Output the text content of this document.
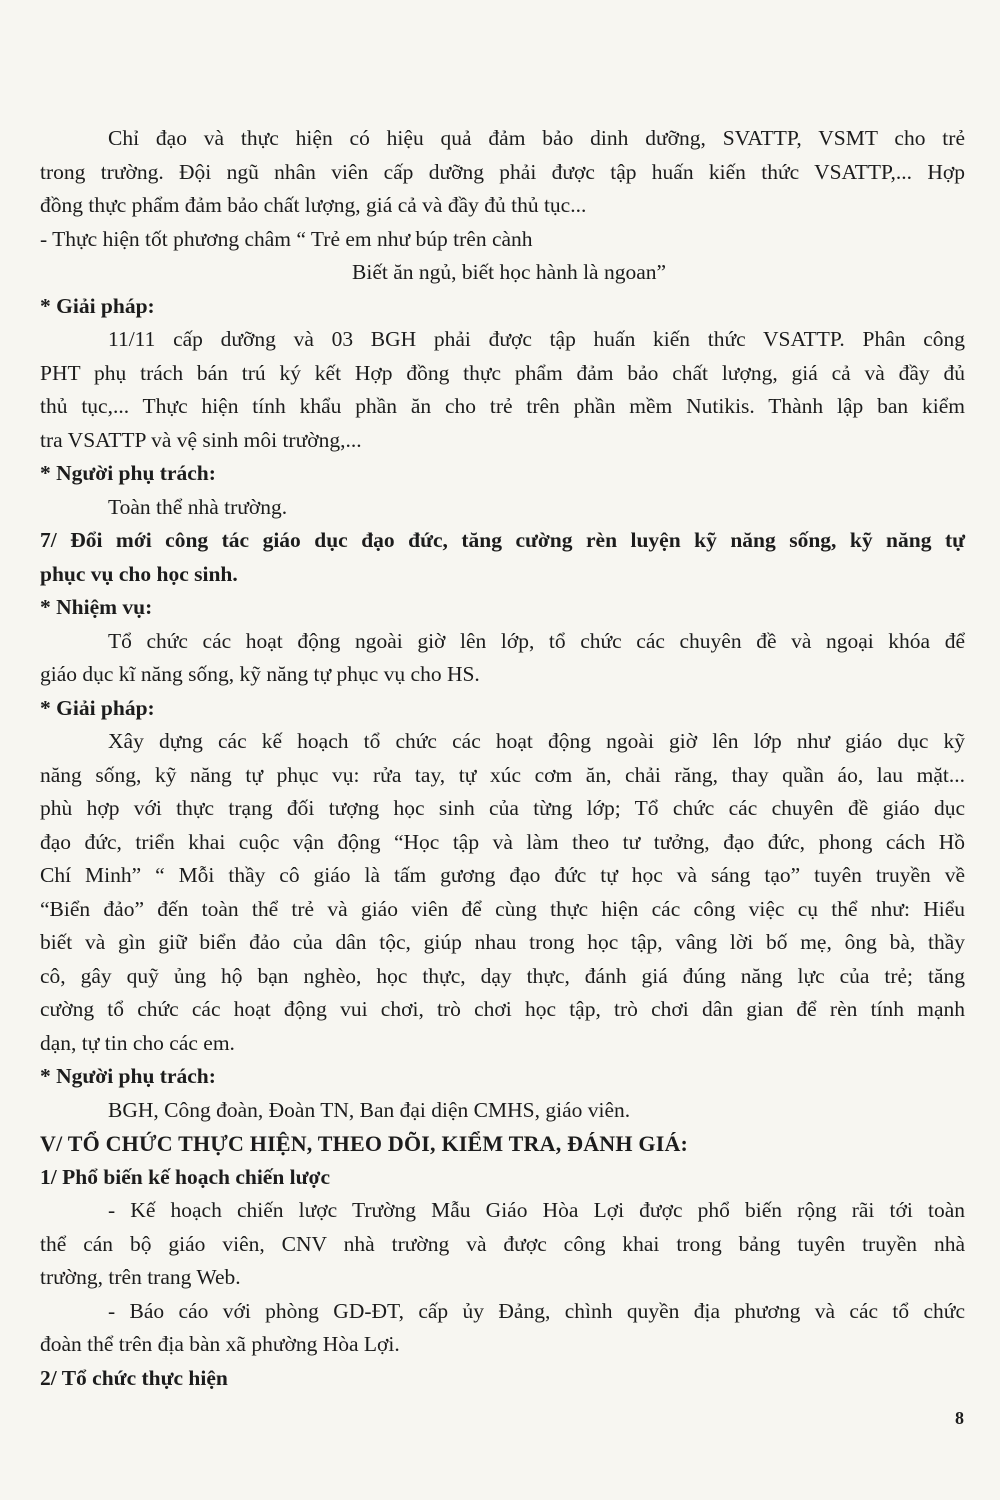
Chỉ đạo và thực hiện có hiệu quả đảm bảo dinh dưỡng, SVATTP, VSMT cho trẻ

trong trường. Đội ngũ nhân viên cấp dưỡng phải được tập huấn kiến thức VSATTP,... Hợp

đồng thực phẩm đảm bảo chất lượng, giá cả và đầy đủ thủ tục...

- Thực hiện tốt phương châm “ Trẻ em như búp trên cành

Biết ăn ngủ, biết học hành là ngoan”

* Giải pháp:

11/11 cấp dưỡng và 03 BGH phải được tập huấn kiến thức VSATTP. Phân công

PHT phụ trách bán trú ký kết Hợp đồng thực phẩm đảm bảo chất lượng, giá cả và đầy đủ

thủ tục,... Thực hiện tính khẩu phần ăn cho trẻ trên phần mềm Nutikis. Thành lập ban kiểm

tra VSATTP và vệ sinh môi trường,...

* Người phụ trách:

Toàn thể nhà trường.

7/ Đổi mới công tác giáo dục đạo đức, tăng cường rèn luyện kỹ năng sống, kỹ năng tự

phục vụ cho học sinh.

* Nhiệm vụ:

Tổ chức các hoạt động ngoài giờ lên lớp, tổ chức các chuyên đề và ngoại khóa để

giáo dục kĩ năng sống, kỹ năng tự phục vụ cho HS.

* Giải pháp:

Xây dựng các kế hoạch tổ chức các hoạt động ngoài giờ lên lớp như giáo dục kỹ

năng sống, kỹ năng tự phục vụ: rửa tay, tự xúc cơm ăn, chải răng, thay quần áo, lau mặt...

phù hợp với thực trạng đối tượng học sinh của từng lớp; Tổ chức các chuyên đề giáo dục

đạo đức, triển khai cuộc vận động “Học tập và làm theo tư tưởng, đạo đức, phong cách Hồ

Chí Minh” “ Mỗi thầy cô giáo là tấm gương đạo đức tự học và sáng tạo” tuyên truyền về

“Biển đảo” đến toàn thể trẻ và giáo viên để cùng thực hiện các công việc cụ thể như: Hiểu

biết và gìn giữ biển đảo của dân tộc, giúp nhau trong học tập, vâng lời bố mẹ, ông bà, thầy

cô, gây quỹ ủng hộ bạn nghèo, học thực, dạy thực, đánh giá đúng năng lực của trẻ; tăng

cường tổ chức các hoạt động vui chơi, trò chơi học tập, trò chơi dân gian để rèn tính mạnh

dạn, tự tin cho các em.

* Người phụ trách:

BGH, Công đoàn, Đoàn TN, Ban đại diện CMHS, giáo viên.

V/ TỔ CHỨC THỰC HIỆN, THEO DÕI, KIỂM TRA, ĐÁNH GIÁ:

1/ Phổ biến kế hoạch chiến lược

- Kế hoạch chiến lược Trường Mẫu Giáo Hòa Lợi được phổ biến rộng rãi tới toàn

thể cán bộ giáo viên, CNV nhà trường và được công khai trong bảng tuyên truyền nhà

trường, trên trang Web.

- Báo cáo với phòng GD-ĐT, cấp ủy Đảng, chình quyền địa phương và các tổ chức

đoàn thể trên địa bàn xã phường Hòa Lợi.

2/ Tổ chức thực hiện

8
